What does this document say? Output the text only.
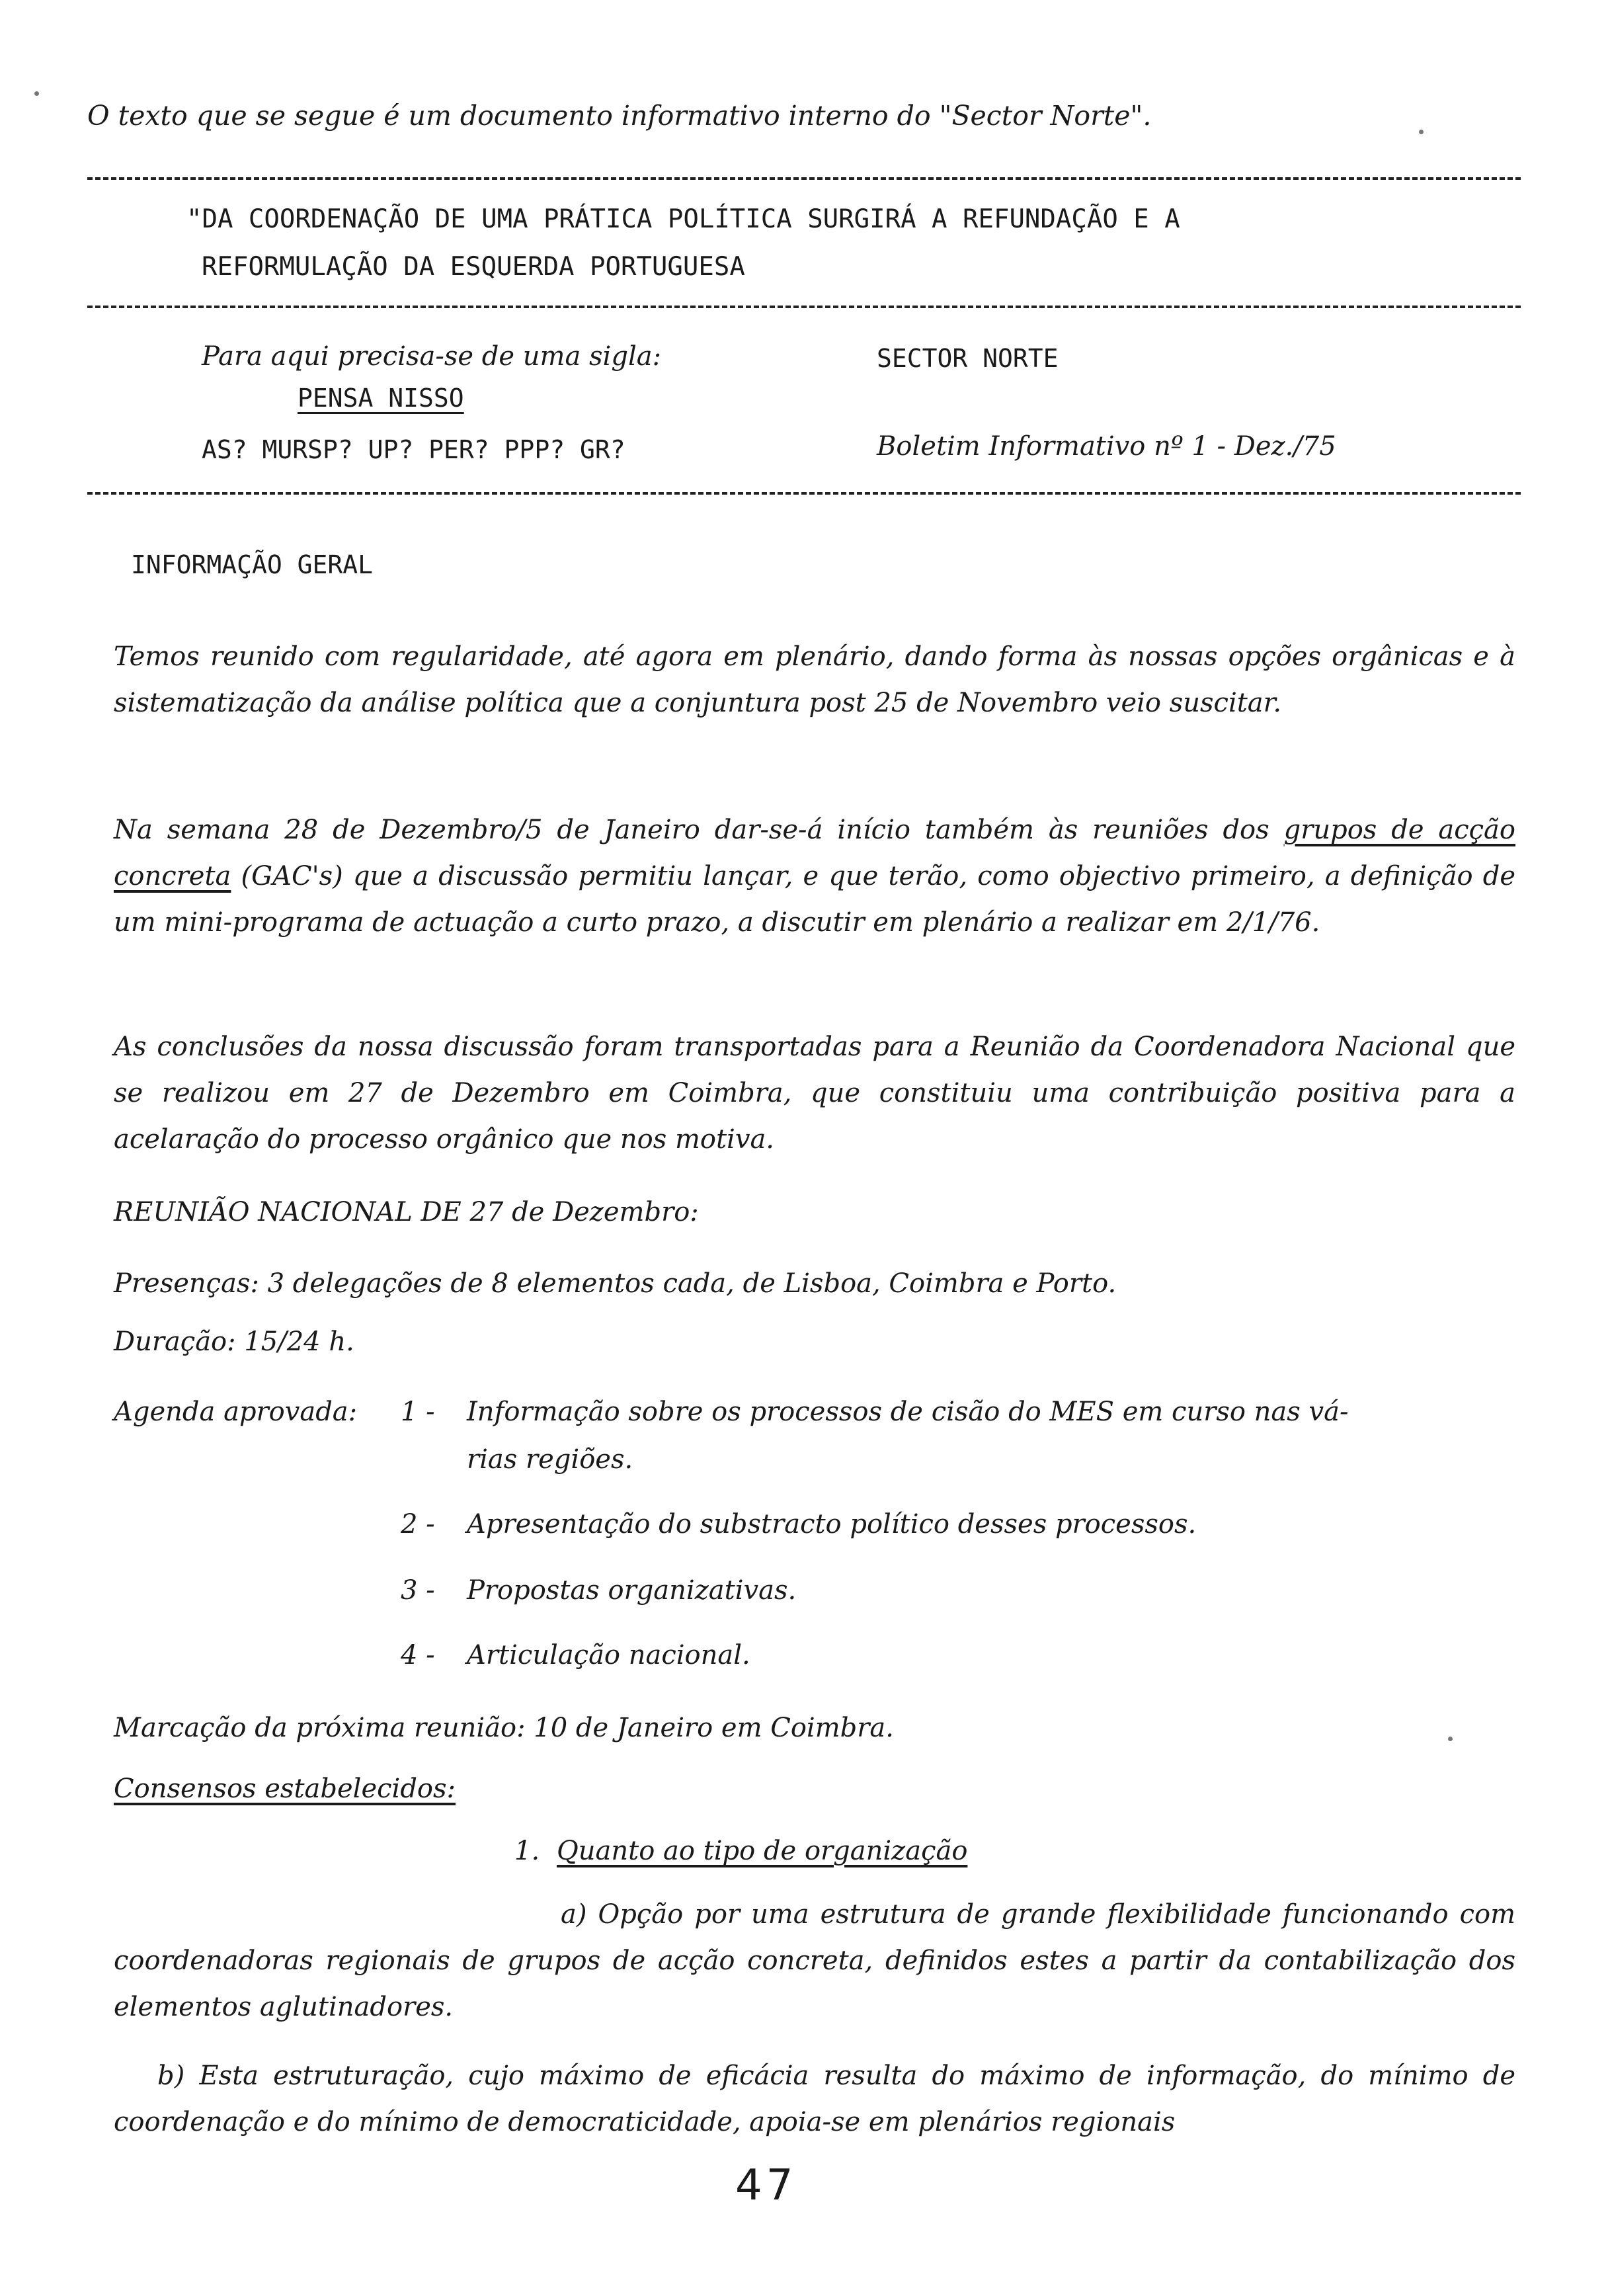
O texto que se segue é um documento informativo interno do "Sector Norte".
"DA COORDENAÇÃO DE UMA PRÁTICA POLÍTICA SURGIRÁ A REFUNDAÇÃO E A
REFORMULAÇÃO DA ESQUERDA PORTUGUESA
Para aqui precisa-se de uma sigla:
PENSA NISSO
AS? MURSP? UP? PER? PPP? GR?
SECTOR NORTE
Boletim Informativo nº 1 - Dez./75
INFORMAÇÃO GERAL
Temos reunido com regularidade, até agora em plenário, dando forma às nossas opções orgânicas e à sistematização da análise política que a conjuntura post 25 de Novembro veio suscitar.
Na semana 28 de Dezembro/5 de Janeiro dar-se-á início também às reuniões dos grupos de acção concreta (GAC's) que a discussão permitiu lançar, e que terão, como objectivo primeiro, a definição de um mini-programa de actuação a curto prazo, a discutir em plenário a realizar em 2/1/76.
As conclusões da nossa discussão foram transportadas para a Reunião da Coordenadora Nacional que se realizou em 27 de Dezembro em Coimbra, que constituiu uma contribuição positiva para a acelaração do processo orgânico que nos motiva.
REUNIÃO NACIONAL DE 27 de Dezembro:
Presenças: 3 delegações de 8 elementos cada, de Lisboa, Coimbra e Porto.
Duração: 15/24 h.
Agenda aprovada: 1 - Informação sobre os processos de cisão do MES em curso nas vá-
rias regiões.
2 - Apresentação do substracto político desses processos.
3 - Propostas organizativas.
4 - Articulação nacional.
Marcação da próxima reunião: 10 de Janeiro em Coimbra.
Consensos estabelecidos:
1. Quanto ao tipo de organização
a) Opção por uma estrutura de grande flexibilidade funcionando com coordenadoras regionais de grupos de acção concreta, definidos estes a partir da contabilização dos elementos aglutinadores.
b) Esta estruturação, cujo máximo de eficácia resulta do máximo de informação, do mínimo de coordenação e do mínimo de democraticidade, apoia-se em plenários regionais
47
